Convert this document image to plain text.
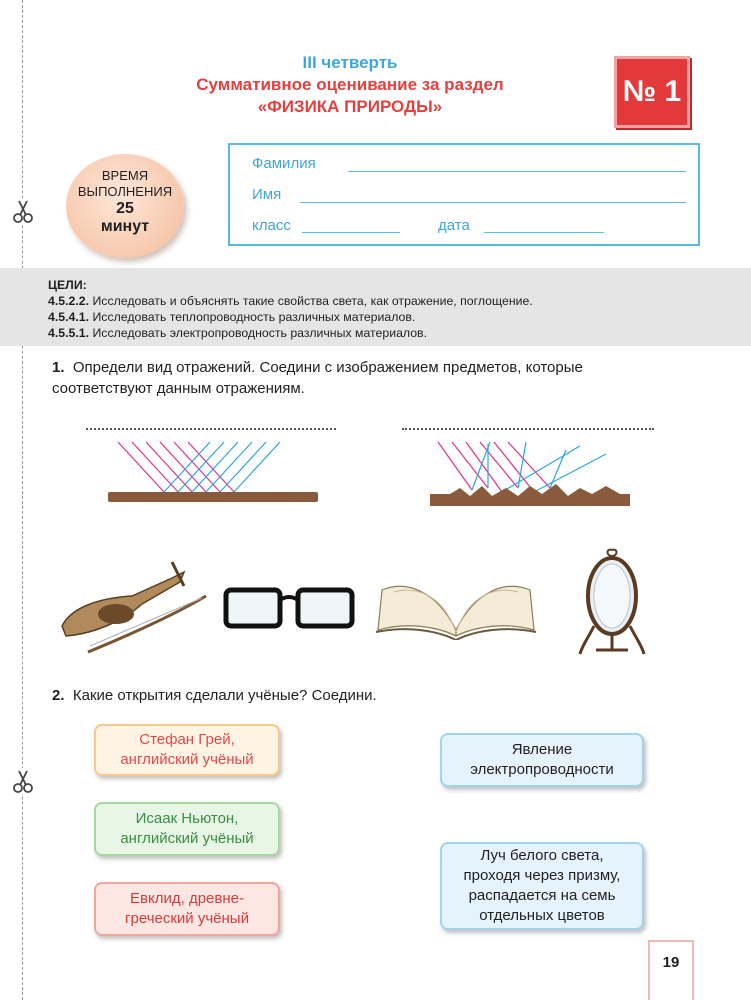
III четверть
Суммативное оценивание за раздел
«ФИЗИКА ПРИРОДЫ»	№ 1
ВРЕМЯ
ВЫПОЛНЕНИЯ
25
минут
Фамилия
Имя
класс	дата
ЦЕЛИ:
4.5.2.2. Исследовать и объяснять такие свойства света, как отражение, поглощение.
4.5.4.1. Исследовать теплопроводность различных материалов.
4.5.5.1. Исследовать электропроводность различных материалов.
1. Определи вид отражений. Соедини с изображением предметов, которые
соответствуют данным отражениям.
2. Какие открытия сделали учёные? Соедини.
Стефан Грей,
английский учёный
Исаак Ньютон,
английский учёный
Евклид, древне-
греческий учёный
Явление
электропроводности
Луч белого света,
проходя через призму,
распадается на семь
отдельных цветов
19
